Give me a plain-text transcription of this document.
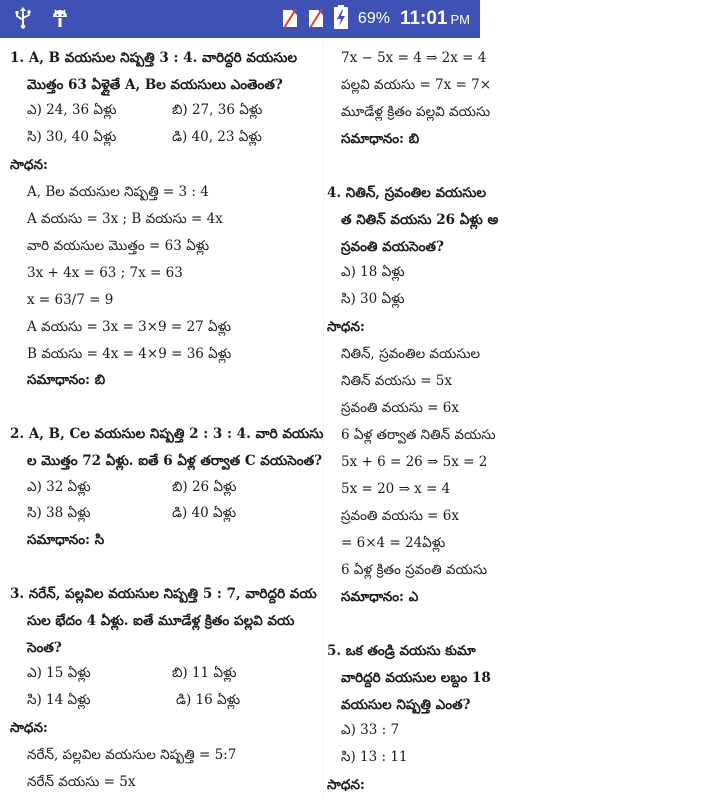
69% 11:01 PM
1. A, B వయసుల నిష్పత్తి 3 : 4. వారిద్దరి వయసుల
మొత్తం 63 ఏళ్లైతే A, Bల వయసులు ఎంతెంత?
ఎ) 24, 36 ఏళ్లు	బి) 27, 36 ఏళ్లు
సి) 30, 40 ఏళ్లు	డి) 40, 23 ఏళ్లు
సాధన:
A, Bల వయసుల నిష్పత్తి = 3 : 4
A వయసు = 3x ; B వయసు = 4x
వారి వయసుల మొత్తం = 63 ఏళ్లు
3x + 4x = 63 ; 7x = 63
x = 63/7 = 9
A వయసు = 3x = 3×9 = 27 ఏళ్లు
B వయసు = 4x = 4×9 = 36 ఏళ్లు
సమాధానం: బి
2. A, B, Cల వయసుల నిష్పత్తి 2 : 3 : 4. వారి వయసు
ల మొత్తం 72 ఏళ్లు. ఐతే 6 ఏళ్ల తర్వాత C వయసెంత?
ఎ) 32 ఏళ్లు	బి) 26 ఏళ్లు
సి) 38 ఏళ్లు	డి) 40 ఏళ్లు
సమాధానం: సి
3. నరేన్, పల్లవిల వయసుల నిష్పత్తి 5 : 7, వారిద్దరి వయ
సుల భేదం 4 ఏళ్లు. ఐతే మూడేళ్ల క్రితం పల్లవి వయ
సెంత?
ఎ) 15 ఏళ్లు	బి) 11 ఏళ్లు
సి) 14 ఏళ్లు	డి) 16 ఏళ్లు
సాధన:
నరేన్, పల్లవిల వయసుల నిష్పత్తి = 5:7
నరేన్ వయసు = 5x
7x − 5x = 4 ⇒ 2x = 4
పల్లవి వయసు = 7x = 7×
మూడేళ్ల క్రితం పల్లవి వయసు
సమాధానం: బి
4. నితిన్, స్రవంతిల వయసుల
త నితిన్ వయసు 26 ఏళ్లు అ
స్రవంతి వయసెంత?
ఎ) 18 ఏళ్లు
సి) 30 ఏళ్లు
సాధన:
నితిన్, స్రవంతిల వయసుల
నితిన్ వయసు = 5x
స్రవంతి వయసు = 6x
6 ఏళ్ల తర్వాత నితిన్ వయసు
5x + 6 = 26 ⇒ 5x = 2
5x = 20 ⇒ x = 4
స్రవంతి వయసు = 6x
= 6×4 = 24ఏళ్లు
6 ఏళ్ల క్రితం స్రవంతి వయసు
సమాధానం: ఎ
5. ఒక తండ్రి వయసు కుమా
వారిద్దరి వయసుల లబ్దం 18
వయసుల నిష్పత్తి ఎంత?
ఎ) 33 : 7
సి) 13 : 11
సాధన:
